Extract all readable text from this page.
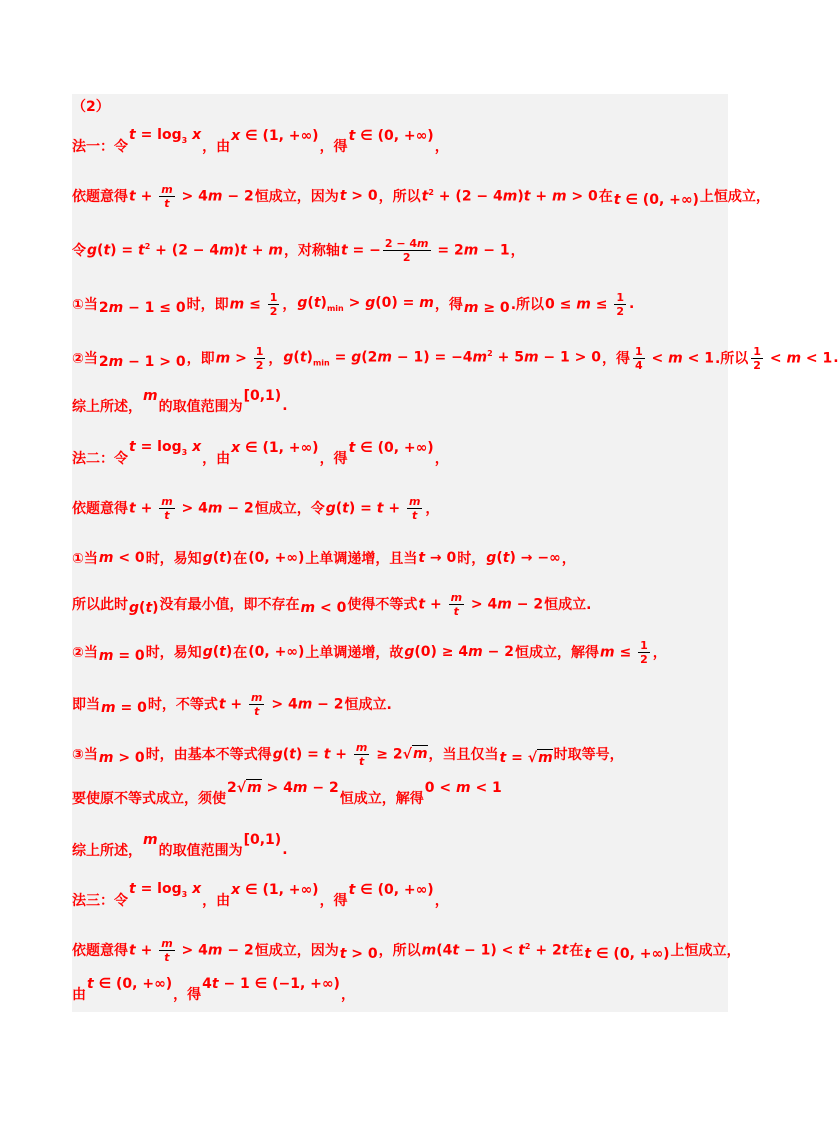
（2）
法一：令
$t = \log_3 x$
，由
x ∈ (1, +∞)
，得
t ∈ (0, +∞)
，
依题意得 $t + \frac{m}{t} > 4m - 2$ 恒成立，因为 t > 0 ，所以 $t^2 + (2 - 4m)t + m > 0$ 在 t ∈ (0, +∞) 上恒成立，
令 $g(t) = t^2 + (2 - 4m)t + m$ ，对称轴 t = − $\frac{2 - 4m}{2} = 2m - 1$ ，
①当 2m − 1 ≤ 0 时，即 $m \le \frac{1}{2}$ ， $g(t)_{min} > g(0) = m$ ，得 m ≥ 0 .所以 $0 \le m \le \frac{1}{2}$ .
②当 2m − 1 > 0 ，即 $m > \frac{1}{2}$ ， $g(t)_{min} = g(2m - 1) = -4m^2 + 5m - 1 > 0$ ，得 $\frac{1}{4} < m < 1$ .所以 $\frac{1}{2} < m < 1$ .
综上所述，
m
的取值范围为
[0,1)
.
法二：令
$t = \log_3 x$
，由
x ∈ (1, +∞)
，得
t ∈ (0, +∞)
，
依题意得 $t + \frac{m}{t} > 4m - 2$ 恒成立，令 $g(t) = t + \frac{m}{t}$ ，
①当 m < 0 时，易知 g(t) 在 (0, +∞) 上单调递增，且当 t → 0 时， g(t) → −∞ ，
所以此时 g(t) 没有最小值，即不存在 m < 0 使得不等式 $t + \frac{m}{t} > 4m - 2$ 恒成立.
②当 m = 0 时，易知 g(t) 在 (0, +∞) 上单调递增，故 g(0) ≥ 4m − 2 恒成立，解得 $m \le \frac{1}{2}$ ，
即当 m = 0 时，不等式 $t + \frac{m}{t} > 4m - 2$ 恒成立.
③当 m > 0 时，由基本不等式得 $g(t) = t + \frac{m}{t} \ge 2√m$ ，当且仅当 t = √m 时取等号，
要使原不等式成立，须使
2√m > 4m − 2
恒成立，解得
0 < m < 1
综上所述，
m
的取值范围为
[0,1)
.
法三：令
$t = \log_3 x$
，由
x ∈ (1, +∞)
，得
t ∈ (0, +∞)
，
依题意得 $t + \frac{m}{t} > 4m - 2$ 恒成立，因为 t > 0 ，所以 $m(4t - 1) < t^2 + 2t$ 在 t ∈ (0, +∞) 上恒成立，
由
t ∈ (0, +∞)
，得
4t − 1 ∈ (−1, +∞)
，
